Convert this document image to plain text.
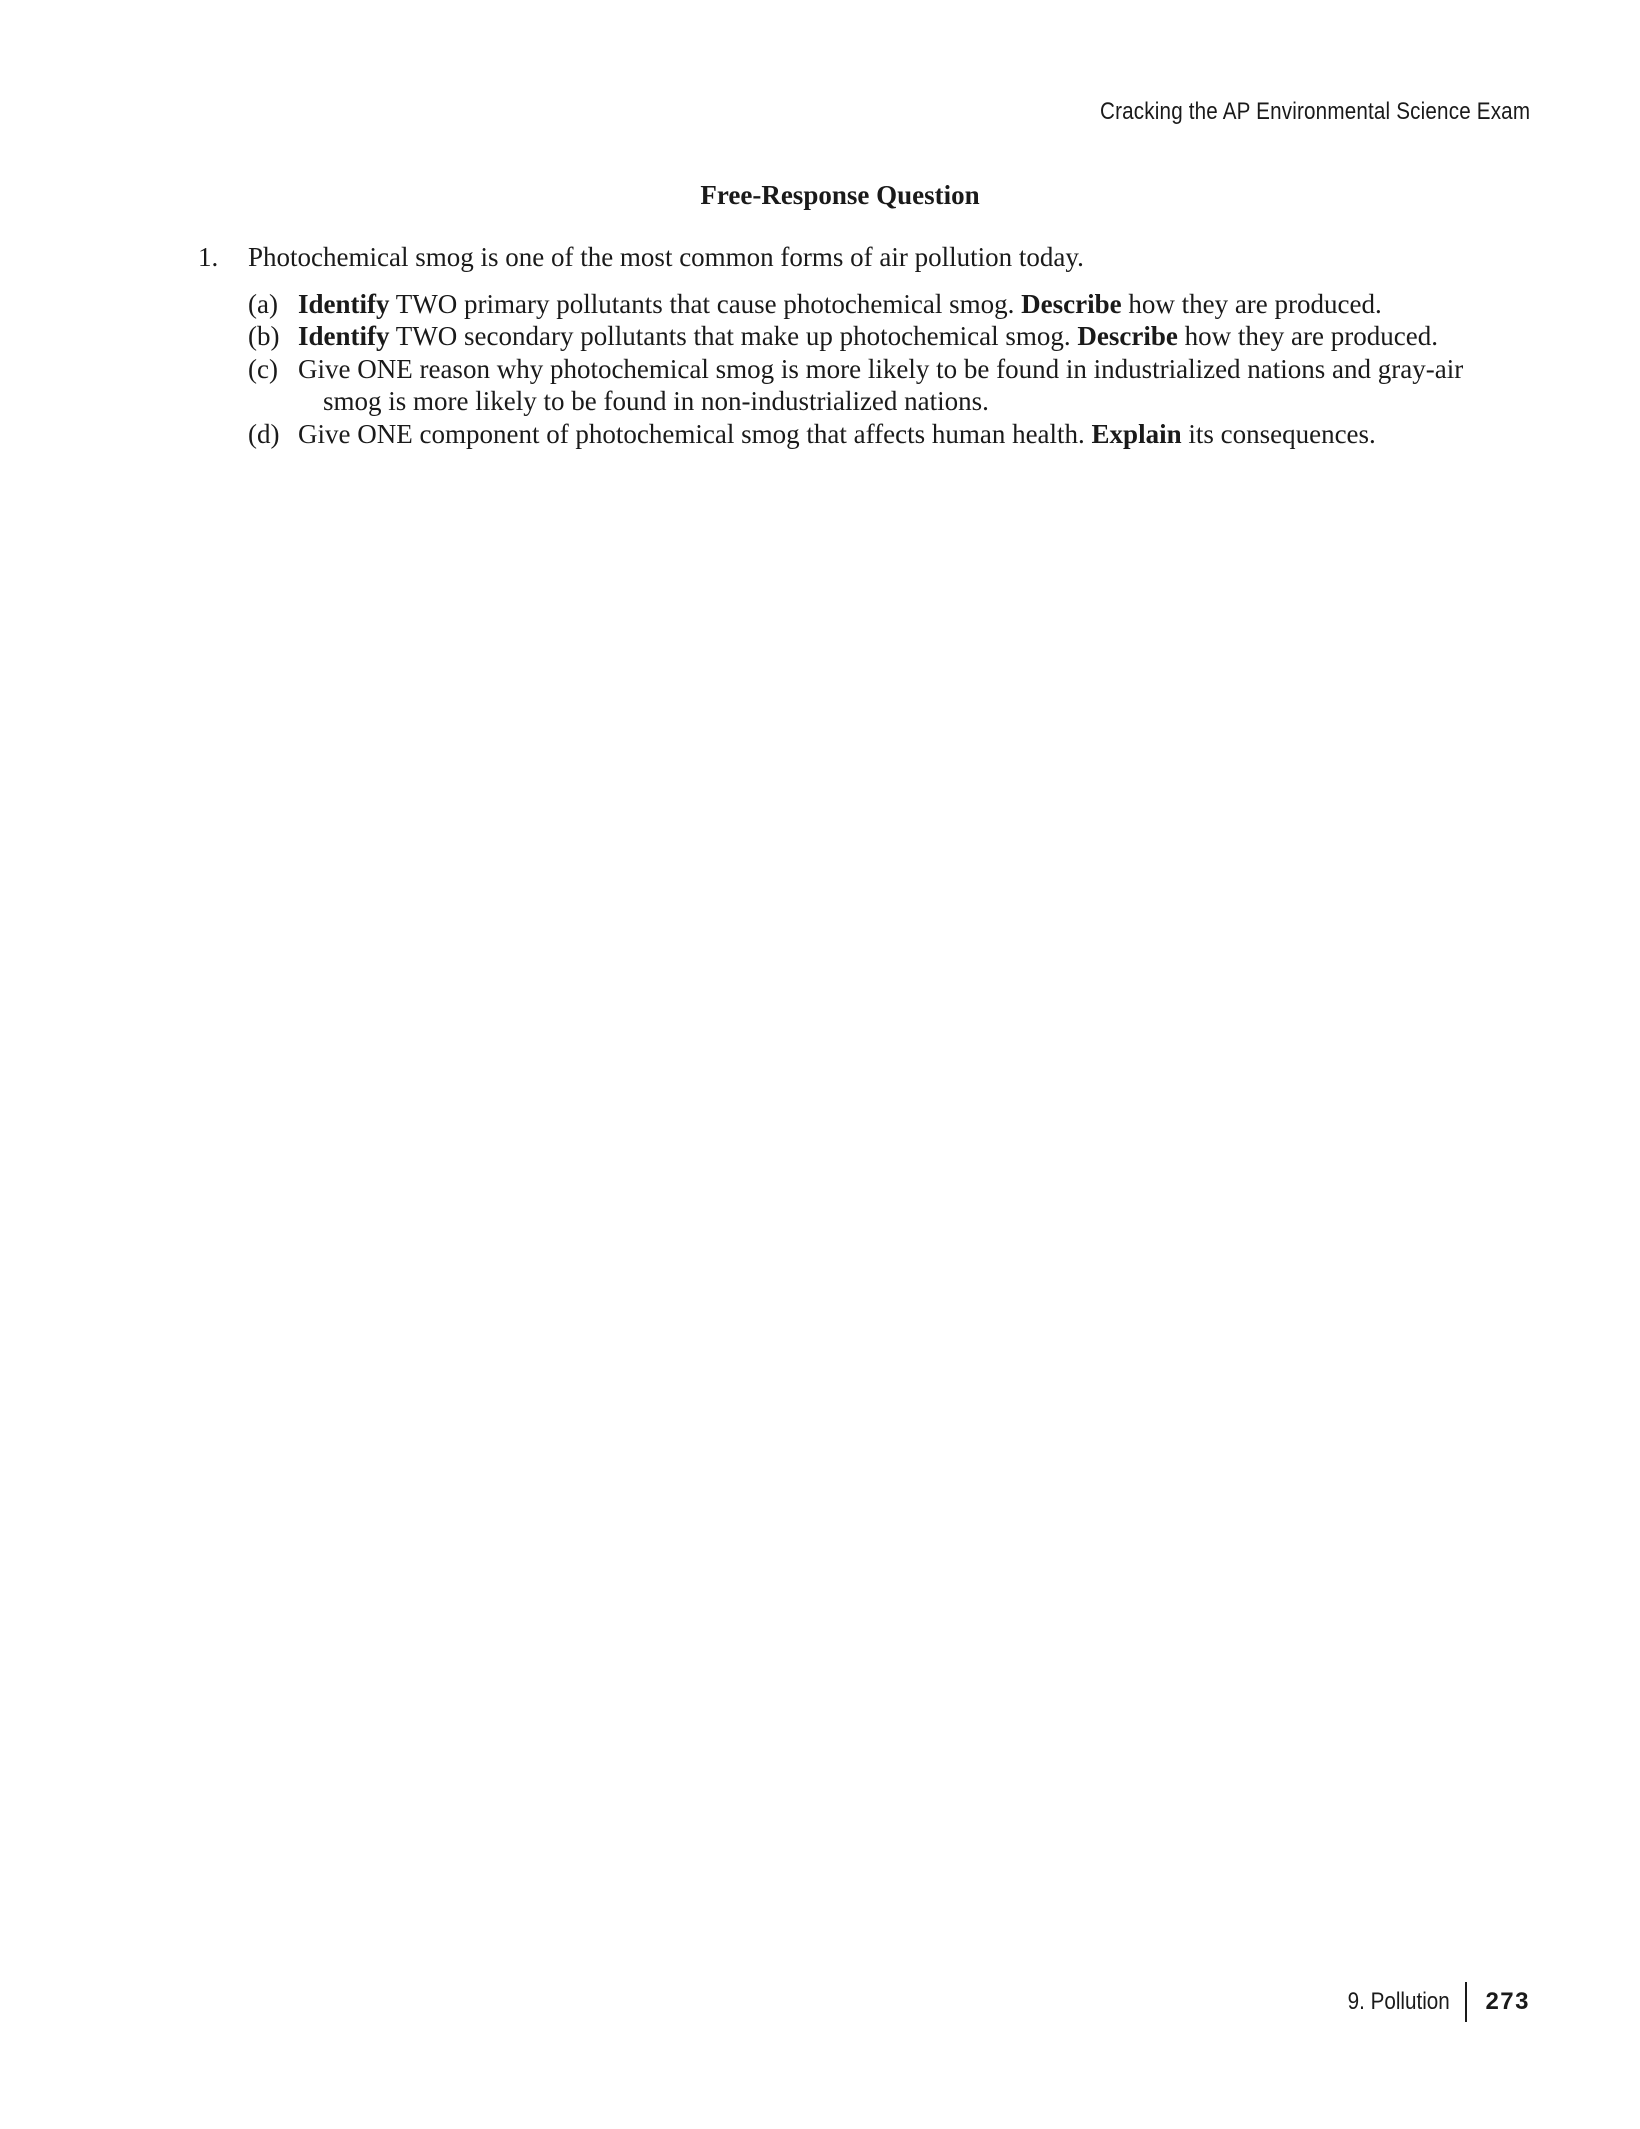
Cracking the AP Environmental Science Exam
Free-Response Question
1.	Photochemical smog is one of the most common forms of air pollution today.
(a) Identify TWO primary pollutants that cause photochemical smog. Describe how they are produced.
(b) Identify TWO secondary pollutants that make up photochemical smog. Describe how they are produced.
(c) Give ONE reason why photochemical smog is more likely to be found in industrialized nations and gray-air smog is more likely to be found in non-industrialized nations.
(d) Give ONE component of photochemical smog that affects human health. Explain its consequences.
9. Pollution 273
